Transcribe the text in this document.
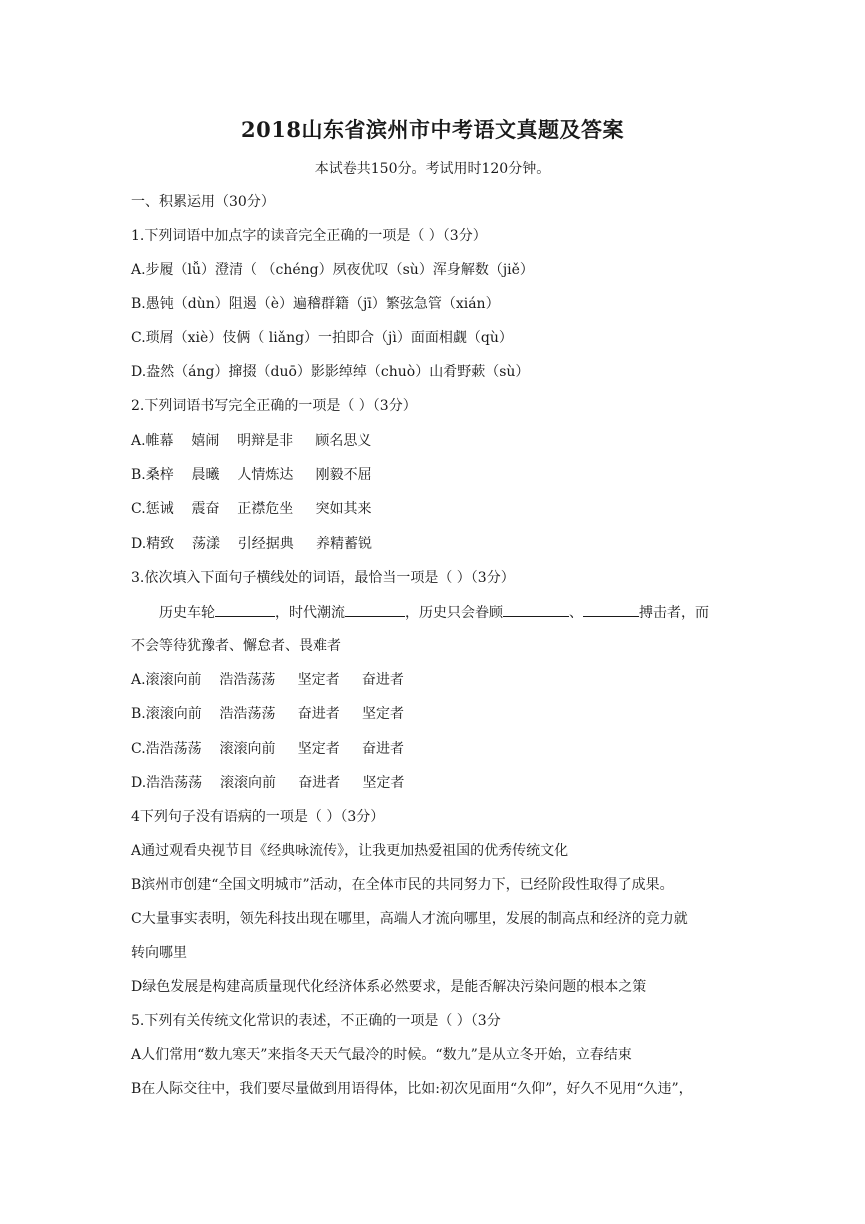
2018山东省滨州市中考语文真题及答案
本试卷共150分。考试用时120分钟。
一、积累运用（30分）
1.下列词语中加点字的读音完全正确的一项是（ ）（3分）
A.步履（lǚ）澄清（ （chéng）夙夜优叹（sù）浑身解数（jiě）
B.愚钝（dùn）阻遏（è）遍稽群籍（jī）繁弦急管（xián）
C.琐屑（xiè）伎俩（ liǎng）一拍即合（jì）面面相觑（qù）
D.盎然（áng）撺掇（duō）影影绰绰（chuò）山肴野蔌（sù）
2.下列词语书写完全正确的一项是（ ）（3分）
A.帷幕    嬉闹    明辩是非     顾名思义
B.桑梓    晨曦    人情炼达     刚毅不屈
C.惩诫    震奋    正襟危坐     突如其来
D.精致    荡漾    引经据典     养精蓄锐
3.依次填入下面句子横线处的词语，最恰当一项是（ ）（3分）
历史车轮	，时代潮流	，历史只会眷顾	、	搏击者，而
不会等待犹豫者、懈怠者、畏难者
A.滚滚向前    浩浩荡荡     坚定者     奋进者
B.滚滚向前    浩浩荡荡     奋进者     坚定者
C.浩浩荡荡    滚滚向前     坚定者     奋进者
D.浩浩荡荡    滚滚向前     奋进者     坚定者
4下列句子没有语病的一项是（ ）（3分）
A通过观看央视节目《经典咏流传》，让我更加热爱祖国的优秀传统文化
B滨州市创建“全国文明城市”活动，在全体市民的共同努力下，已经阶段性取得了成果。
C大量事实表明，领先科技出现在哪里，高端人才流向哪里，发展的制高点和经济的竞力就
转向哪里
D绿色发展是构建高质量现代化经济体系必然要求，是能否解决污染问题的根本之策
5.下列有关传统文化常识的表述，不正确的一项是（ ）（3分
A人们常用“数九寒天”来指冬天天气最冷的时候。“数九”是从立冬开始，立春结束
B在人际交往中，我们要尽量做到用语得体，比如:初次见面用“久仰”，好久不见用“久违”，
